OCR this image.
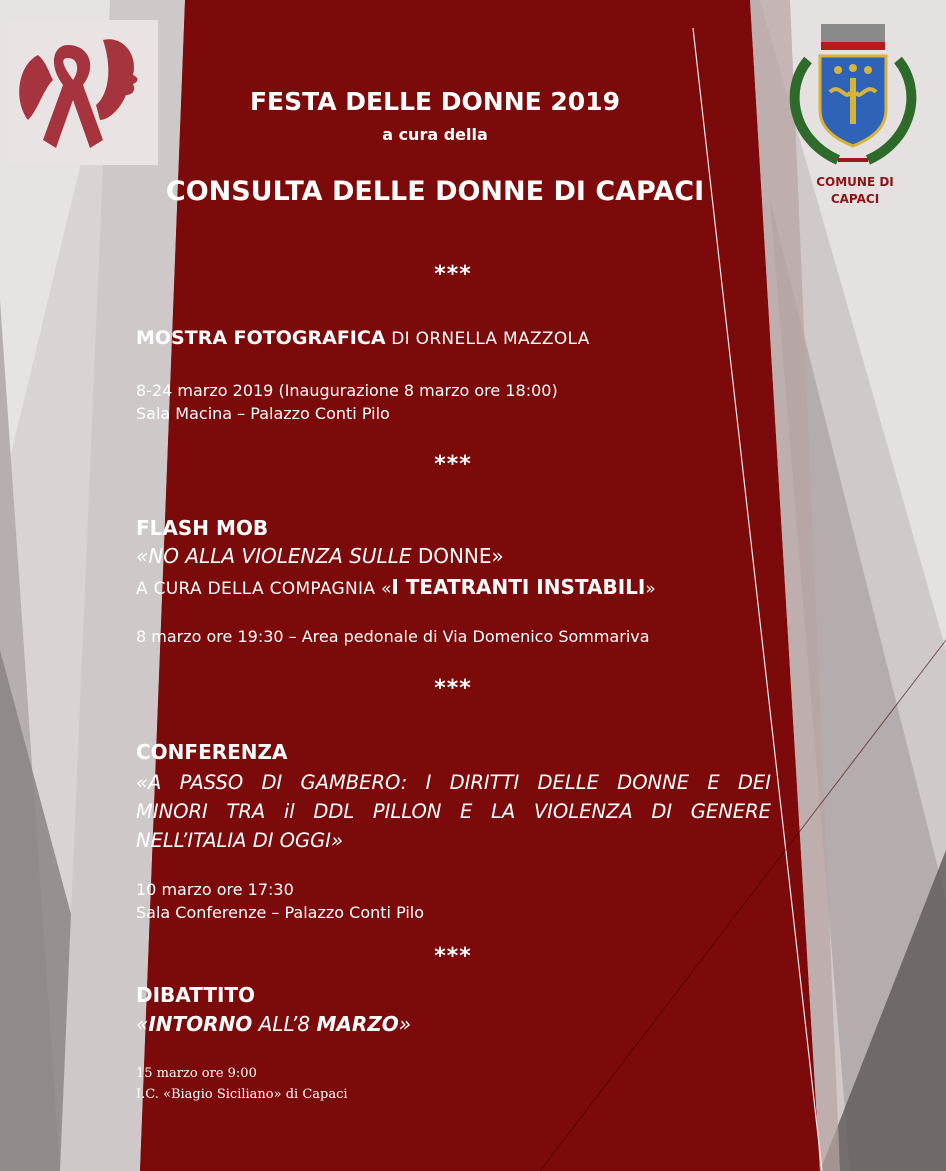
COMUNE DI
CAPACI
FESTA DELLE DONNE 2019
a cura della
CONSULTA DELLE DONNE DI CAPACI
***
MOSTRA FOTOGRAFICA DI ORNELLA MAZZOLA
8-24 marzo 2019 (Inaugurazione 8 marzo ore 18:00)
Sala Macina – Palazzo Conti Pilo
***
FLASH MOB
«NO ALLA VIOLENZA SULLE DONNE»
A CURA DELLA COMPAGNIA «I TEATRANTI INSTABILI»
8 marzo ore 19:30 – Area pedonale di Via Domenico Sommariva
***
CONFERENZA
«A PASSO DI GAMBERO: I DIRITTI DELLE DONNE E DEI
MINORI TRA il DDL PILLON E LA VIOLENZA DI GENERE
NELL’ITALIA DI OGGI»
10 marzo ore 17:30
Sala Conferenze – Palazzo Conti Pilo
***
DIBATTITO
«INTORNO ALL’8 MARZO»
15 marzo ore 9:00
I.C. «Biagio Siciliano» di Capaci
